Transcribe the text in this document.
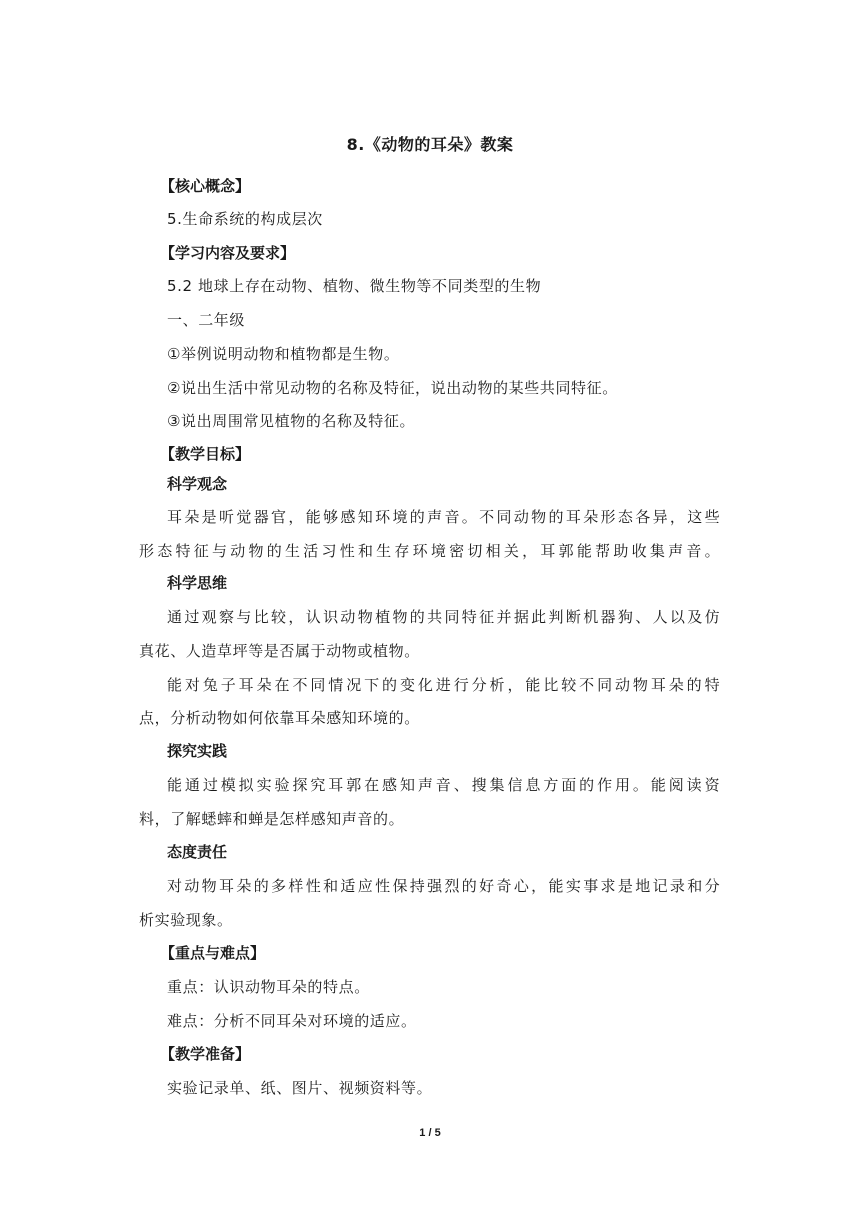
8.《动物的耳朵》教案
【核心概念】
5.生命系统的构成层次
【学习内容及要求】
5.2 地球上存在动物、植物、微生物等不同类型的生物
一、二年级
①举例说明动物和植物都是生物。
②说出生活中常见动物的名称及特征，说出动物的某些共同特征。
③说出周围常见植物的名称及特征。
【教学目标】
科学观念
耳朵是听觉器官，能够感知环境的声音。不同动物的耳朵形态各异，这些
形态特征与动物的生活习性和生存环境密切相关，耳郭能帮助收集声音。
科学思维
通过观察与比较，认识动物植物的共同特征并据此判断机器狗、人以及仿
真花、人造草坪等是否属于动物或植物。
能对兔子耳朵在不同情况下的变化进行分析，能比较不同动物耳朵的特
点，分析动物如何依靠耳朵感知环境的。
探究实践
能通过模拟实验探究耳郭在感知声音、搜集信息方面的作用。能阅读资
料，了解蟋蟀和蝉是怎样感知声音的。
态度责任
对动物耳朵的多样性和适应性保持强烈的好奇心，能实事求是地记录和分
析实验现象。
【重点与难点】
重点：认识动物耳朵的特点。
难点：分析不同耳朵对环境的适应。
【教学准备】
实验记录单、纸、图片、视频资料等。
1 / 5
